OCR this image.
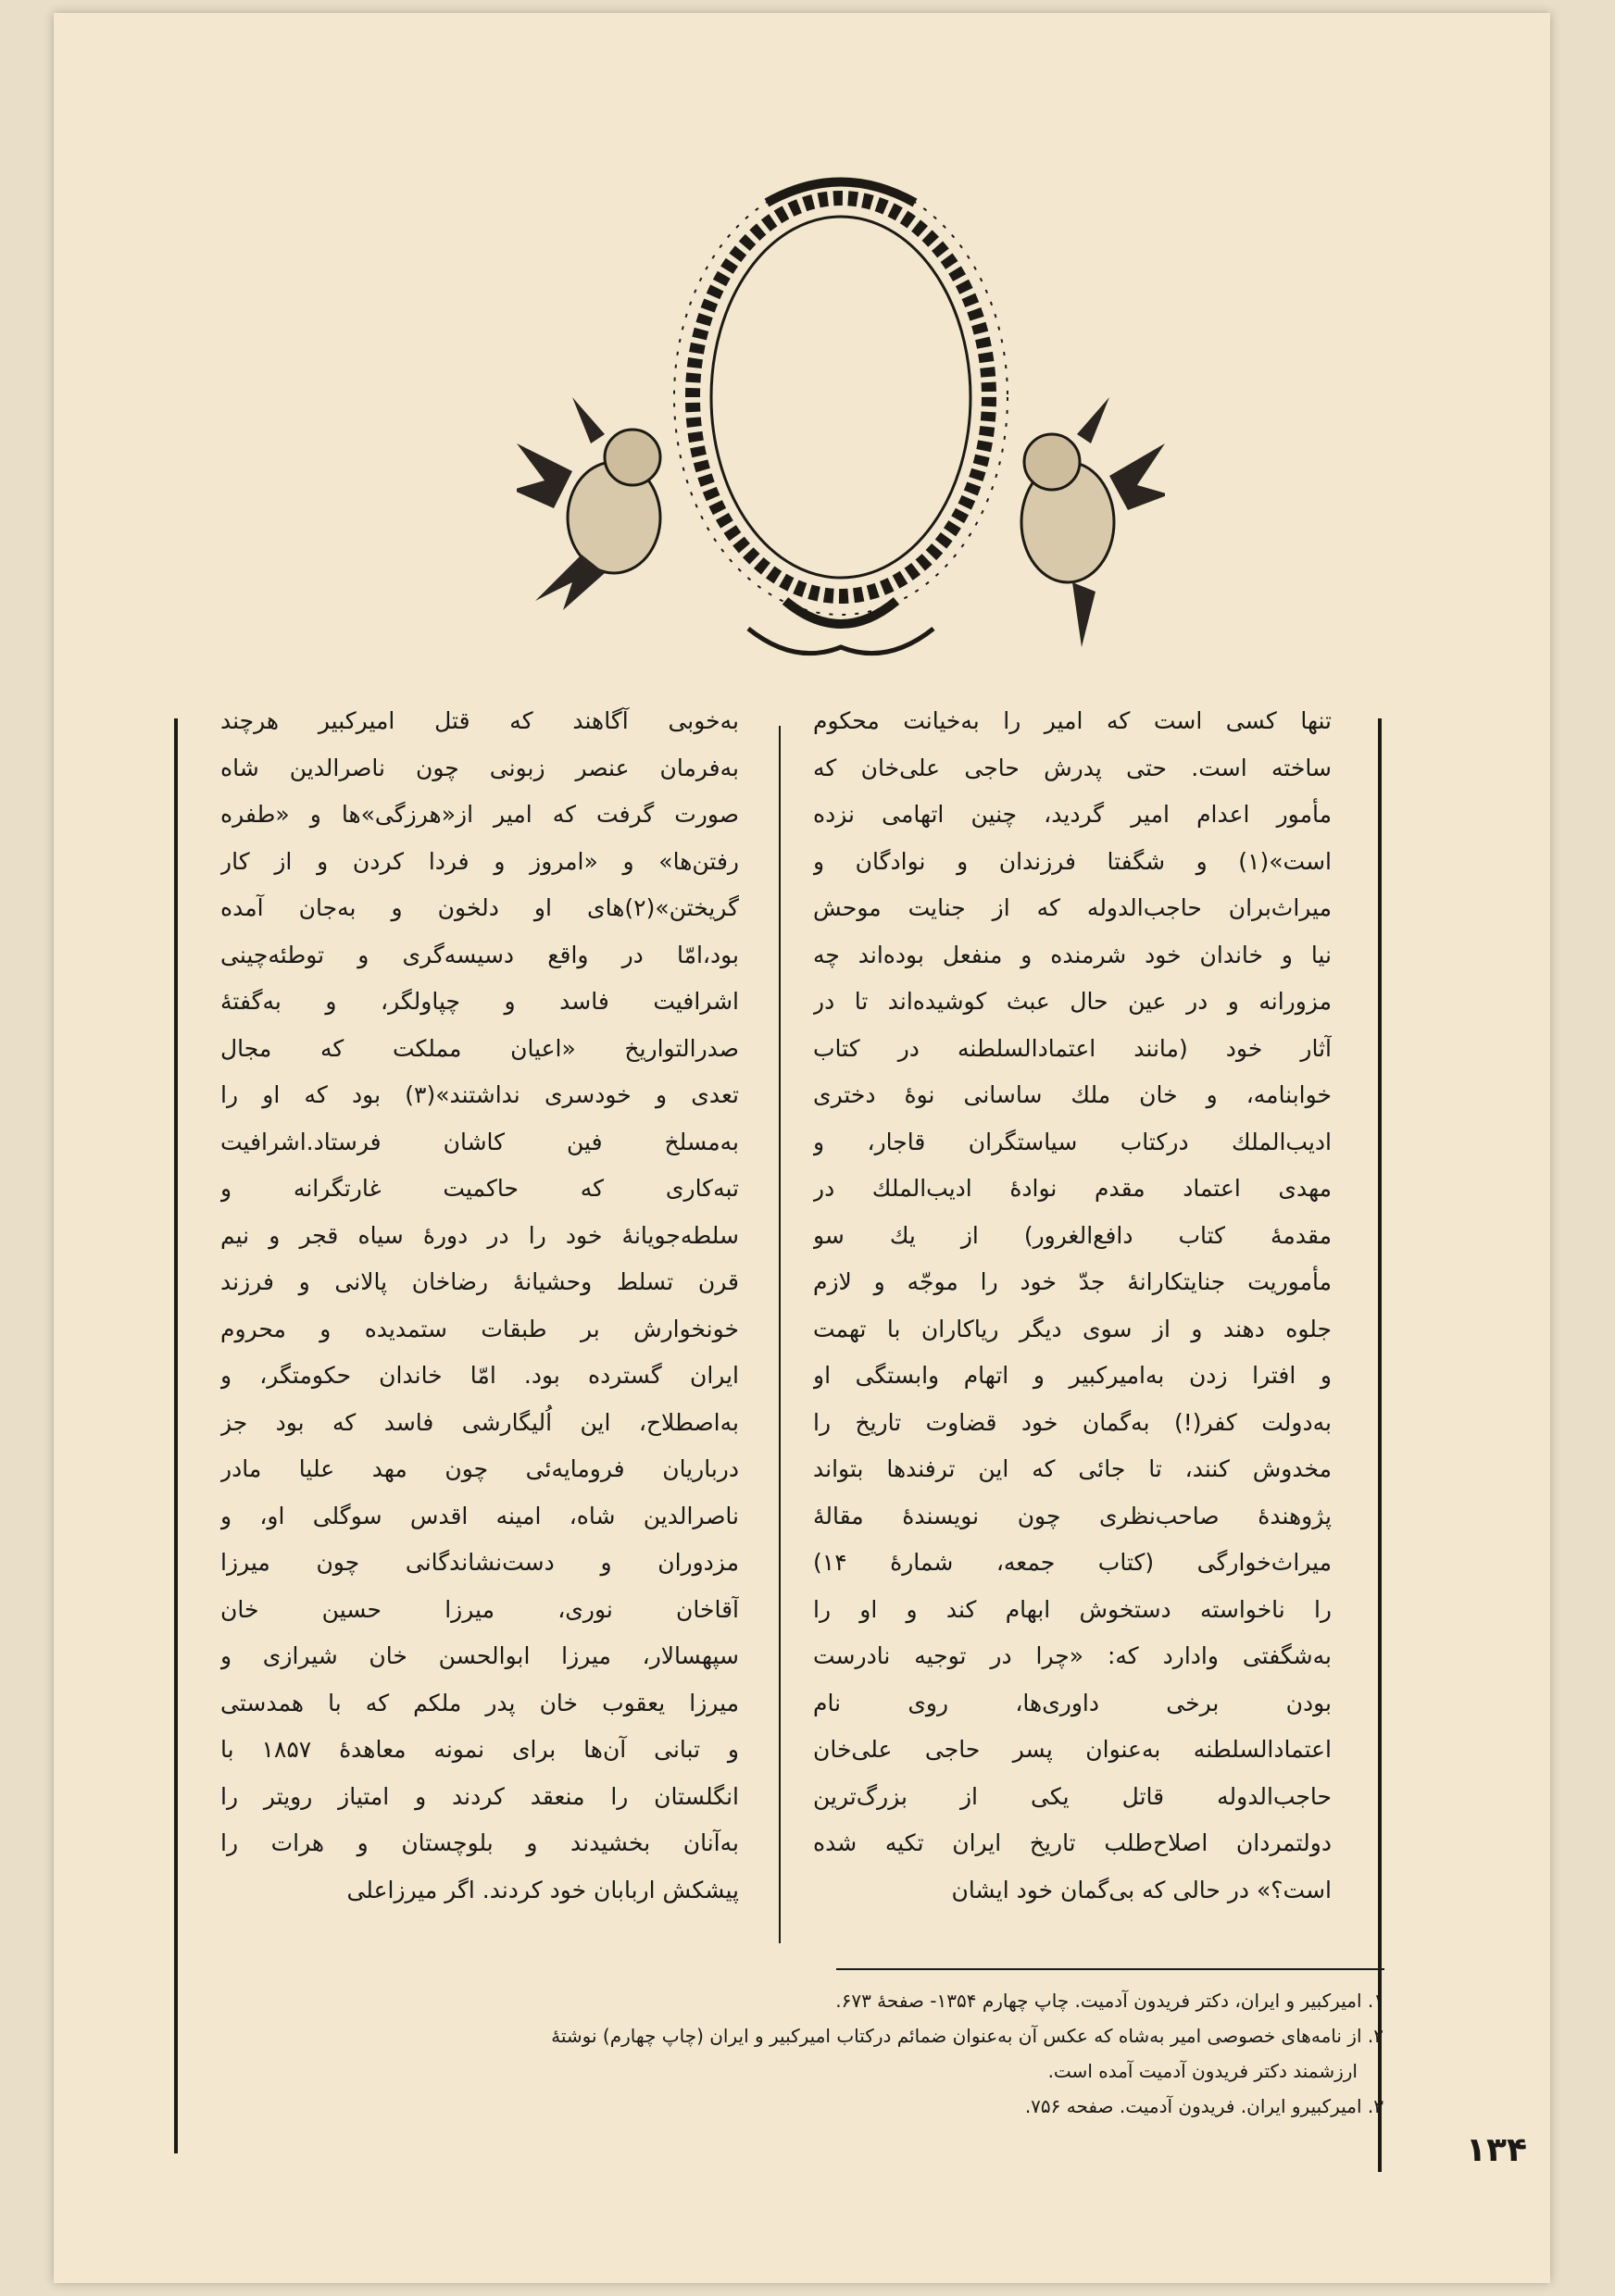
تنها کسی است که امیر را به‌خیانت محکوم

ساخته است. حتی پدرش حاجی علی‌خان که

مأمور اعدام امیر گردید، چنین اتهامی نزده

است»(۱) و شگفتا فرزندان و نوادگان و

میراث‌بران حاجب‌الدوله که از جنایت موحش

نیا و خاندان خود شرمنده و منفعل بوده‌اند چه

مزورانه و در عین حال عبث کوشیده‌اند تا در

آثار خود (مانند اعتمادالسلطنه در کتاب

خوابنامه، و خان ملك ساسانی نوهٔ دختری

ادیب‌الملك درکتاب سیاستگران قاجار، و

مهدی اعتماد مقدم نوادهٔ ادیب‌الملك در

مقدمهٔ کتاب دافع‌الغرور) از یك سو

مأموریت جنایتکارانهٔ جدّ خود را موجّه و لازم

جلوه دهند و از سوی دیگر ریاکاران با تهمت

و افترا زدن به‌امیرکبیر و اتهام وابستگی او

به‌دولت کفر(!) به‌گمان خود قضاوت تاریخ را

مخدوش کنند، تا جائی که این ترفندها بتواند

پژوهندهٔ صاحب‌نظری چون نویسندهٔ مقالهٔ

میراث‌خوارگی (کتاب جمعه، شمارهٔ ۱۴)

را ناخواسته دستخوش ابهام کند و او را

به‌شگفتی وادارد که: «چرا در توجیه نادرست

بودن برخی داوری‌ها، روی نام

اعتمادالسلطنه به‌عنوان پسر حاجی علی‌خان

حاجب‌الدوله قاتل یکی از بزرگ‌ترین

دولتمردان اصلاح‌طلب تاریخ ایران تکیه شده

است؟» در حالی که بی‌گمان خود ایشان

به‌خوبی آگاهند که قتل امیرکبیر هرچند

به‌فرمان عنصر زبونی چون ناصرالدین شاه

صورت گرفت که امیر از«هرزگی»ها و «طفره

رفتن‌ها» و «امروز و فردا کردن و از کار

گریختن»(۲)های او دلخون و به‌جان آمده

بود،امّا در واقع دسیسه‌گری و توطئه‌چینی

اشرافیت فاسد و چپاولگر، و به‌گفتهٔ

صدرالتواریخ «اعیان مملکت که مجال

تعدی و خودسری نداشتند»(۳) بود که او را

به‌مسلخ فین کاشان فرستاد.اشرافیت

تبه‌کاری که حاکمیت غارتگرانه و

سلطه‌جویانهٔ خود را در دورهٔ سیاه قجر و نیم

قرن تسلط وحشیانهٔ رضاخان پالانی و فرزند

خونخوارش بر طبقات ستمدیده و محروم

ایران گسترده بود. امّا خاندان حکومتگر، و

به‌اصطلاح، این اُلیگارشی فاسد که بود جز

درباریان فرومایه‌ئی چون مهد علیا مادر

ناصرالدین شاه، امینه اقدس سوگلی او، و

مزدوران و دست‌نشاندگانی چون میرزا

آقاخان نوری، میرزا حسین خان

سپهسالار، میرزا ابوالحسن خان شیرازی و

میرزا یعقوب خان پدر ملکم که با همدستی

و تبانی آن‌ها برای نمونه معاهدهٔ ۱۸۵۷ با

انگلستان را منعقد کردند و امتیاز رویتر را

به‌آنان بخشیدند و بلوچستان و هرات را

پیشکش اربابان خود کردند. اگر میرزاعلی

۱. امیرکبیر و ایران، دکتر فریدون آدمیت. چاپ چهارم ۱۳۵۴- صفحهٔ ۶۷۳.
۲. از نامه‌های خصوصی امیر به‌شاه که عکس آن به‌عنوان ضمائم درکتاب امیرکبیر و ایران (چاپ چهارم) نوشتهٔ
ارزشمند دکتر فریدون آدمیت آمده است.
۳. امیرکبیرو ایران. فریدون آدمیت. صفحه ۷۵۶.
۱۳۴
